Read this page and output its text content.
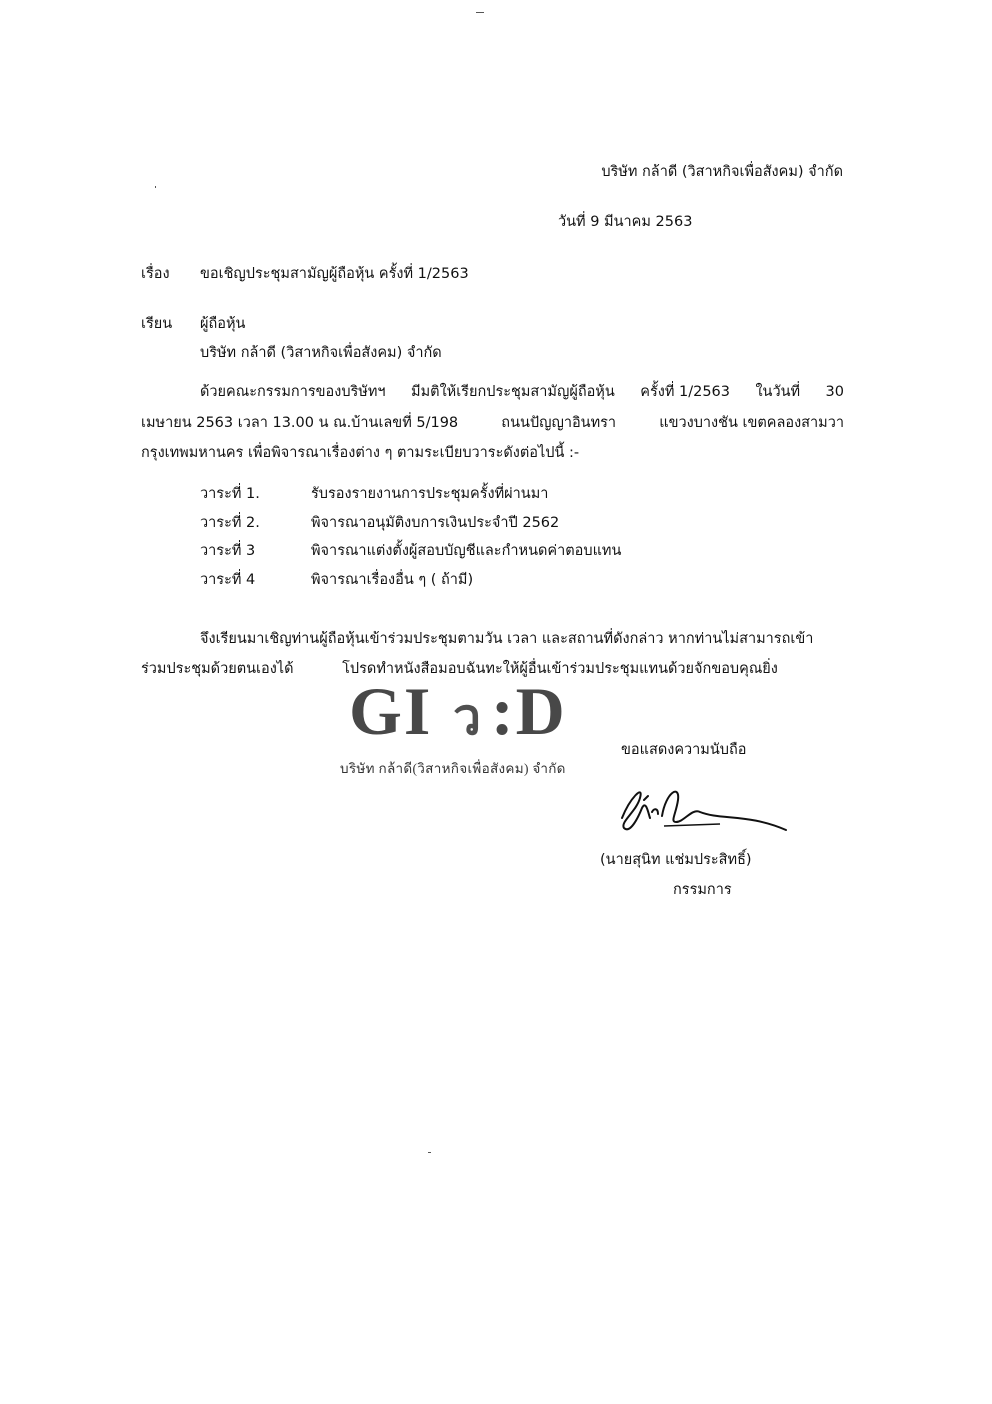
บริษัท กล้าดี (วิสาหกิจเพื่อสังคม) จำกัด
วันที่ 9 มีนาคม 2563
เรื่อง ขอเชิญประชุมสามัญผู้ถือหุ้น ครั้งที่ 1/2563
เรียน ผู้ถือหุ้น
บริษัท กล้าดี (วิสาหกิจเพื่อสังคม) จำกัด
ด้วยคณะกรรมการของบริษัทฯ มีมติให้เรียกประชุมสามัญผู้ถือหุ้น ครั้งที่ 1/2563 ในวันที่ 30
เมษายน 2563 เวลา 13.00 น ณ.บ้านเลขที่ 5/198	ถนนปัญญาอินทรา	แขวงบางชัน เขตคลองสามวา
กรุงเทพมหานคร เพื่อพิจารณาเรื่องต่าง ๆ ตามระเบียบวาระดังต่อไปนี้ :-
วาระที่ 1.	รับรองรายงานการประชุมครั้งที่ผ่านมา
วาระที่ 2.	พิจารณาอนุมัติงบการเงินประจำปี 2562
วาระที่ 3	พิจารณาแต่งตั้งผู้สอบบัญชีและกำหนดค่าตอบแทน
วาระที่ 4	พิจารณาเรื่องอื่น ๆ ( ถ้ามี)
จึงเรียนมาเชิญท่านผู้ถือหุ้นเข้าร่วมประชุมตามวัน เวลา และสถานที่ดังกล่าว หากท่านไม่สามารถเข้า
ร่วมประชุมด้วยตนเองได้	โปรดทำหนังสือมอบฉันทะให้ผู้อื่นเข้าร่วมประชุมแทนด้วยจักขอบคุณยิ่ง
GI ว :D
บริษัท กล้าดี(วิสาหกิจเพื่อสังคม) จำกัด
ขอแสดงความนับถือ
(นายสุนิท แช่มประสิทธิ์)
กรรมการ
